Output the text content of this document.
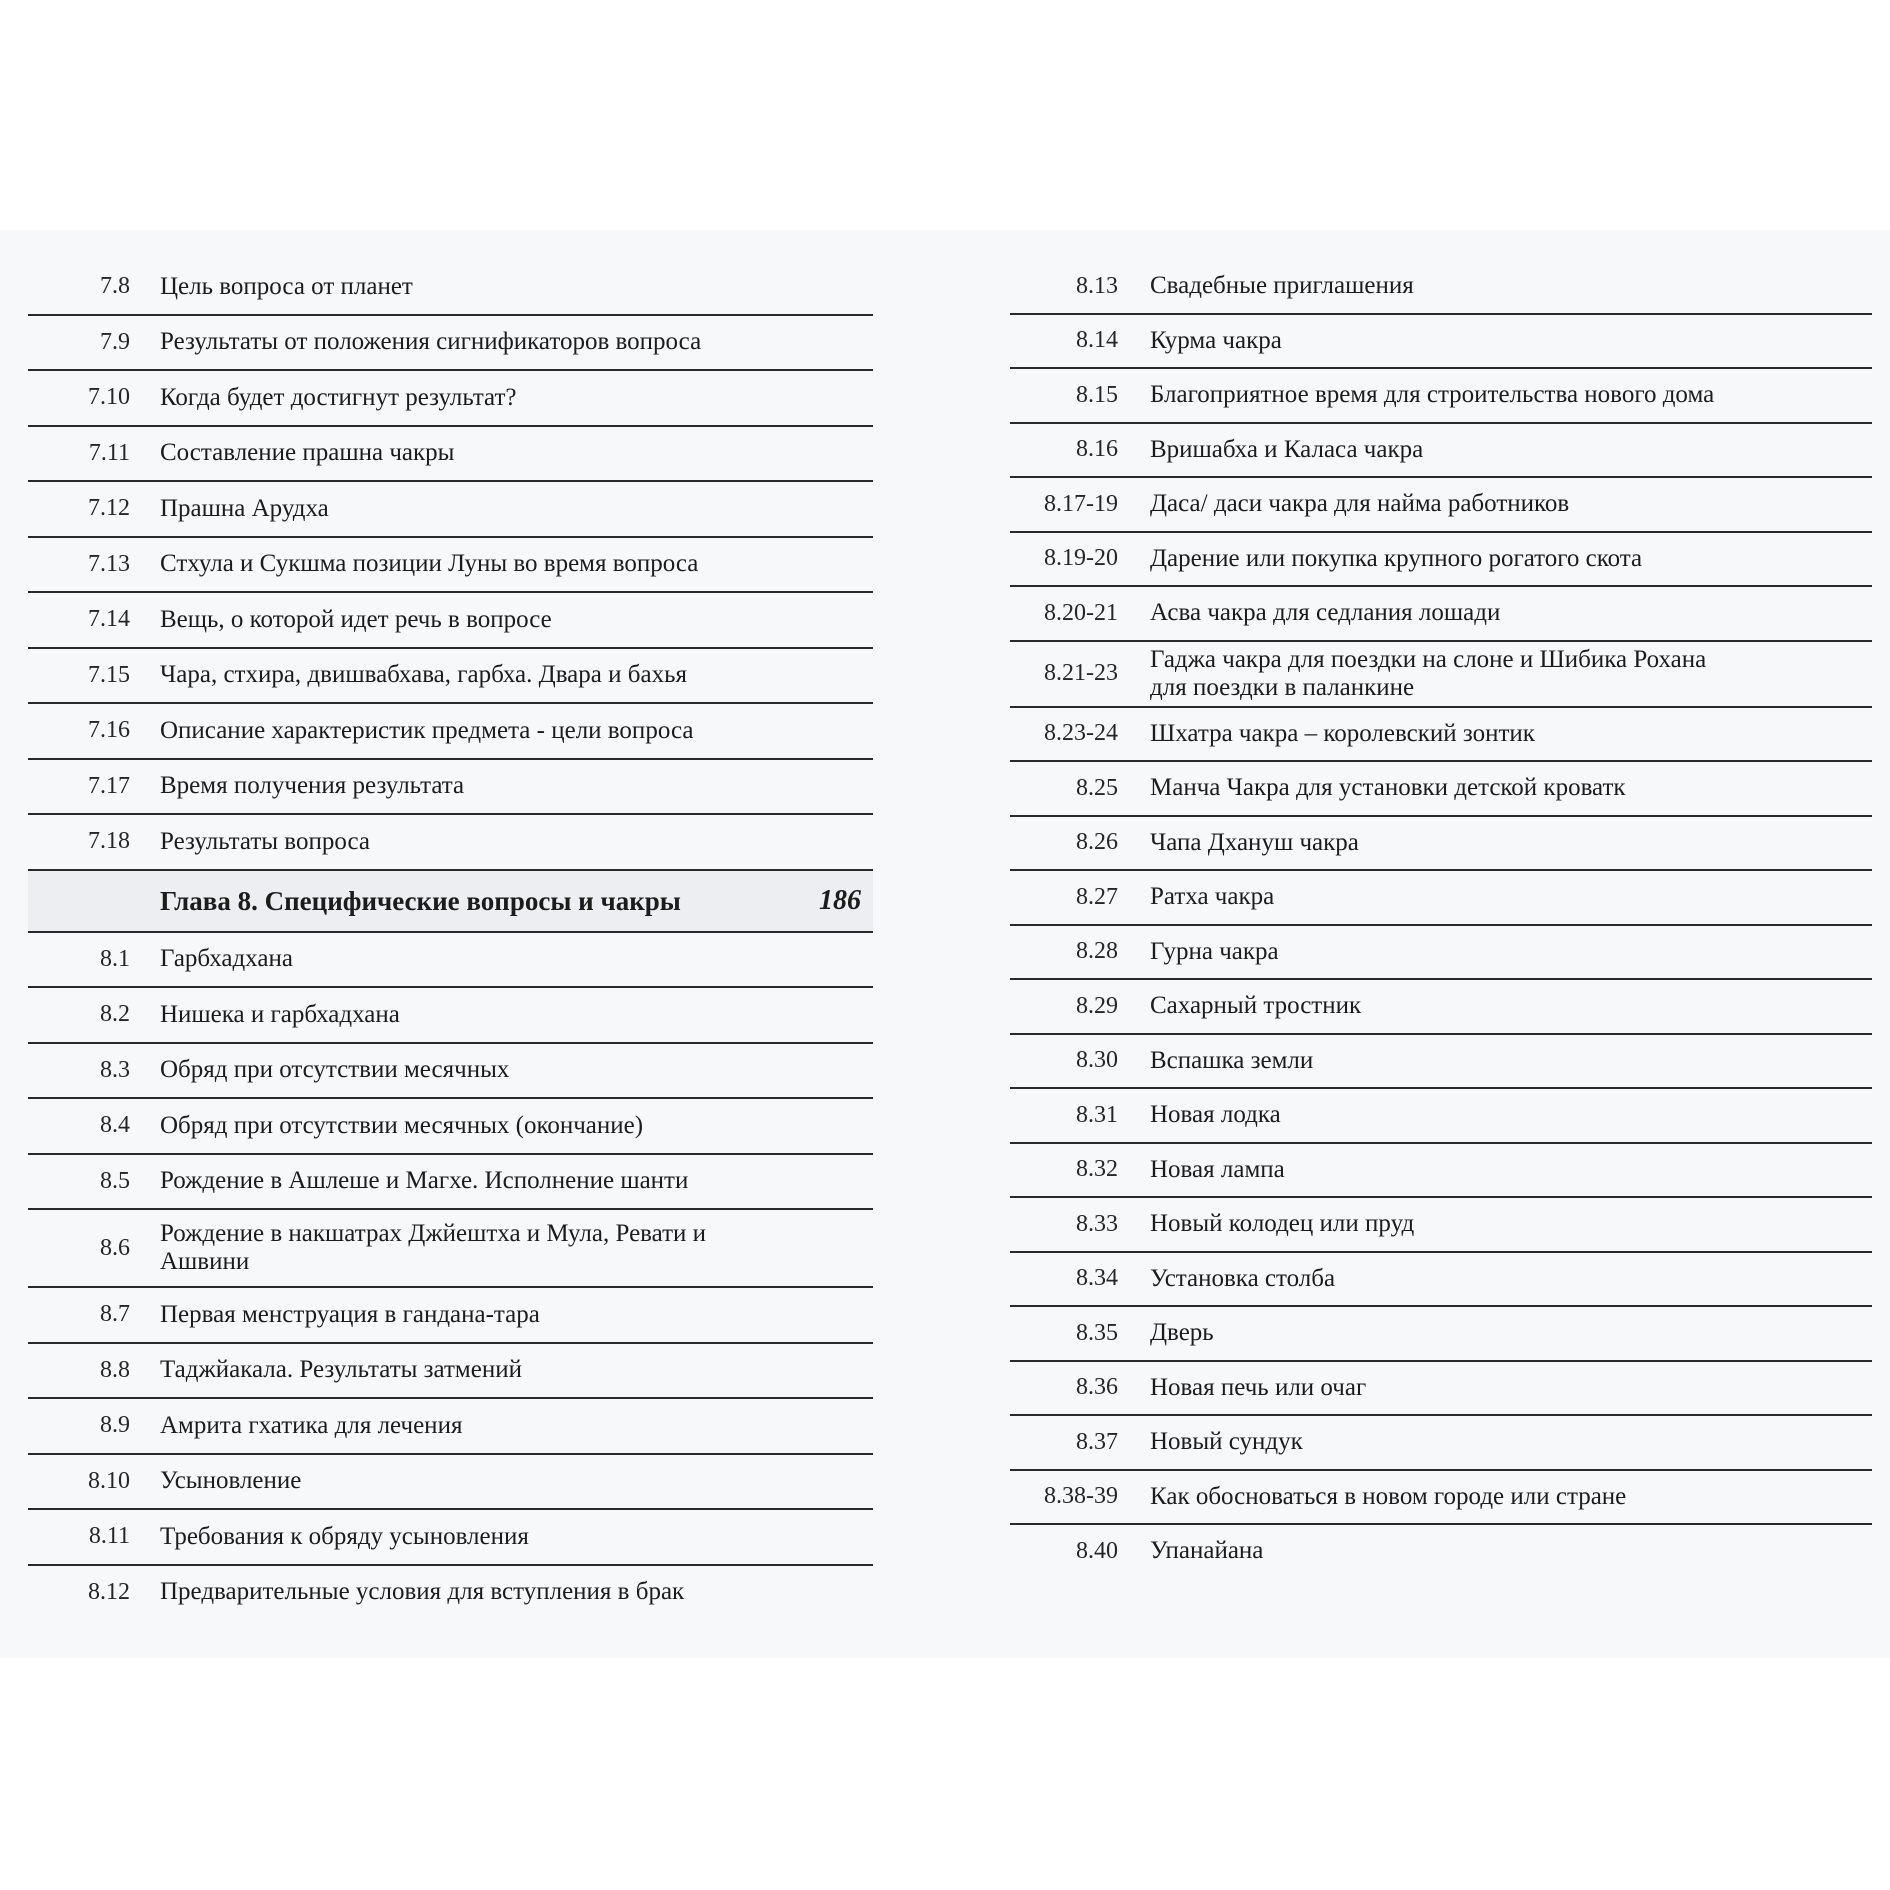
7.8 Цель вопроса от планет
7.9 Результаты от положения сигнификаторов вопроса
7.10 Когда будет достигнут результат?
7.11 Составление прашна чакры
7.12 Прашна Арудха
7.13 Стхула и Сукшма позиции Луны во время вопроса
7.14 Вещь, о которой идет речь в вопросе
7.15 Чара, стхира, двишвабхава, гарбха. Двара и бахья
7.16 Описание характеристик предмета - цели вопроса
7.17 Время получения результата
7.18 Результаты вопроса
Глава 8. Специфические вопросы и чакры	186
8.1 Гарбхадхана
8.2 Нишека и гарбхадхана
8.3 Обряд при отсутствии месячных
8.4 Обряд при отсутствии месячных (окончание)
8.5 Рождение в Ашлеше и Магхе. Исполнение шанти
8.6
Рождение в накшатрах Джйештха и Мула, Ревати и Ашвини
8.7 Первая менструация в гандана-тара
8.8 Таджйакала. Результаты затмений
8.9 Амрита гхатика для лечения
8.10 Усыновление
8.11 Требования к обряду усыновления
8.12 Предварительные условия для вступления в брак
8.13 Свадебные приглашения
8.14 Курма чакра
8.15 Благоприятное время для строительства нового дома
8.16 Вришабха и Каласа чакра
8.17-19 Даса/ даси чакра для найма работников
8.19-20 Дарение или покупка крупного рогатого скота
8.20-21 Асва чакра для седлания лошади
8.21-23
Гаджа чакра для поездки на слоне и Шибика Рохана для поездки в паланкине
8.23-24 Шхатра чакра – королевский зонтик
8.25 Манча Чакра для установки детской кроватк
8.26 Чапа Дхануш чакра
8.27 Ратха чакра
8.28 Гурна чакра
8.29 Сахарный тростник
8.30 Вспашка земли
8.31 Новая лодка
8.32 Новая лампа
8.33 Новый колодец или пруд
8.34 Установка столба
8.35 Дверь
8.36 Новая печь или очаг
8.37 Новый сундук
8.38-39 Как обосноваться в новом городе или стране
8.40 Упанайана
